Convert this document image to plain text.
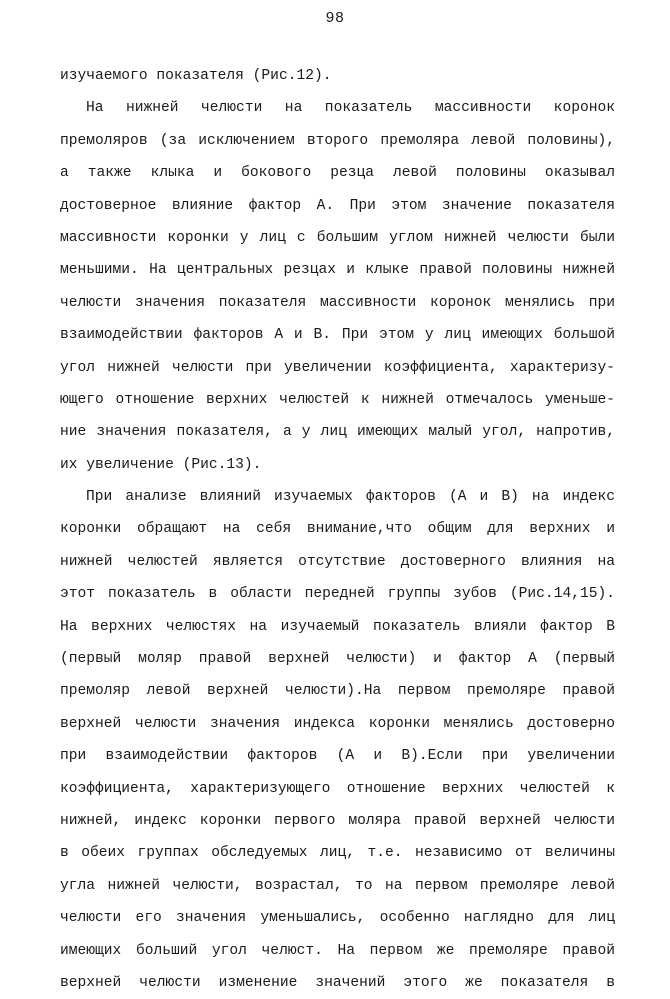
98
изучаемого показателя (Рис.12).
На нижней челюсти на показатель массивности коронок
премоляров (за исключением второго премоляра левой половины),
а также клыка и бокового резца левой половины оказывал
достоверное влияние фактор А. При этом значение показателя
массивности коронки у лиц с большим углом нижней челюсти были
меньшими. На центральных резцах и клыке правой половины нижней
челюсти значения показателя массивности коронок менялись при
взаимодействии факторов А и В. При этом у лиц имеющих большой
угол нижней челюсти при увеличении коэффициента, характеризу-
ющего отношение верхних челюстей к нижней отмечалось уменьше-
ние значения показателя, а у лиц имеющих малый угол, напротив,
их увеличение (Рис.13).
При анализе влияний изучаемых факторов (А и В) на индекс
коронки обращают на себя внимание,что общим для верхних и
нижней челюстей является отсутствие достоверного влияния на
этот показатель в области передней группы зубов (Рис.14,15).
На верхних челюстях на изучаемый показатель влияли фактор В
(первый моляр правой верхней челюсти) и фактор А (первый
премоляр левой верхней челюсти).На первом премоляре правой
верхней челюсти значения индекса коронки менялись достоверно
при взаимодействии факторов (А и В).Если при увеличении
коэффициента, характеризующего отношение верхних челюстей к
нижней, индекс коронки первого моляра правой верхней челюсти
в обеих группах обследуемых лиц, т.е. независимо от величины
угла нижней челюсти, возрастал, то на первом премоляре левой
челюсти его значения уменьшались, особенно наглядно для лиц
имеющих больший угол челюст. На первом же премоляре правой
верхней челюсти изменение значений этого же показателя в
